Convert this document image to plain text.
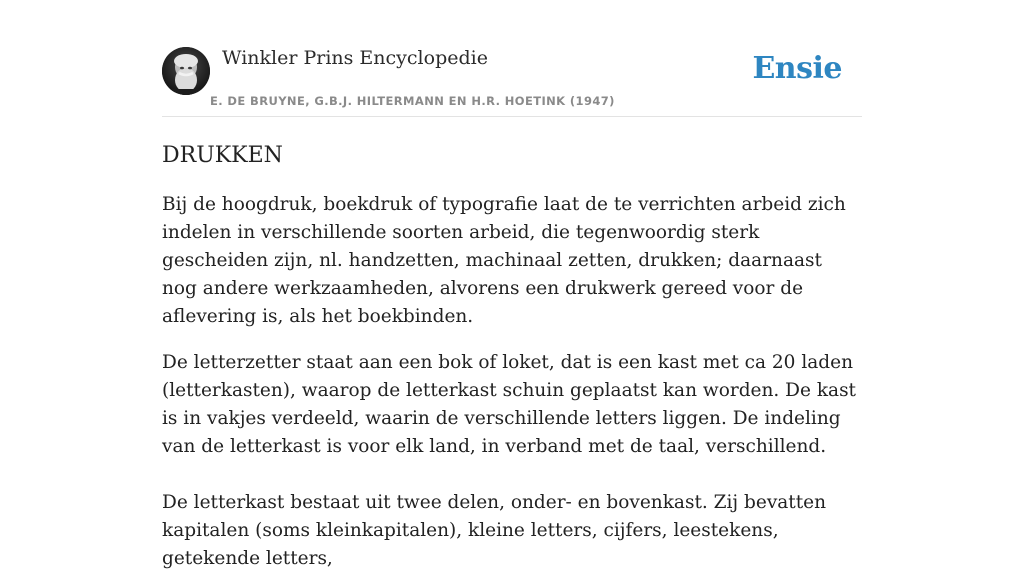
Winkler Prins Encyclopedie
E. DE BRUYNE, G.B.J. HILTERMANN EN H.R. HOETINK (1947)
Ensie
DRUKKEN

Bij de hoogdruk, boekdruk of typografie laat de te verrichten arbeid zich indelen in verschillende soorten arbeid, die tegenwoordig sterk gescheiden zijn, nl. handzetten, machinaal zetten, drukken; daarnaast nog andere werkzaamheden, alvorens een drukwerk gereed voor de aflevering is, als het boekbinden.

De letterzetter staat aan een bok of loket, dat is een kast met ca 20 laden (letterkasten), waarop de letterkast schuin geplaatst kan worden. De kast is in vakjes verdeeld, waarin de verschillende letters liggen. De indeling van de letterkast is voor elk land, in verband met de taal, verschillend.

De letterkast bestaat uit twee delen, onder- en bovenkast. Zij bevatten kapitalen (soms kleinkapitalen), kleine letters, cijfers, leestekens, getekende letters,
